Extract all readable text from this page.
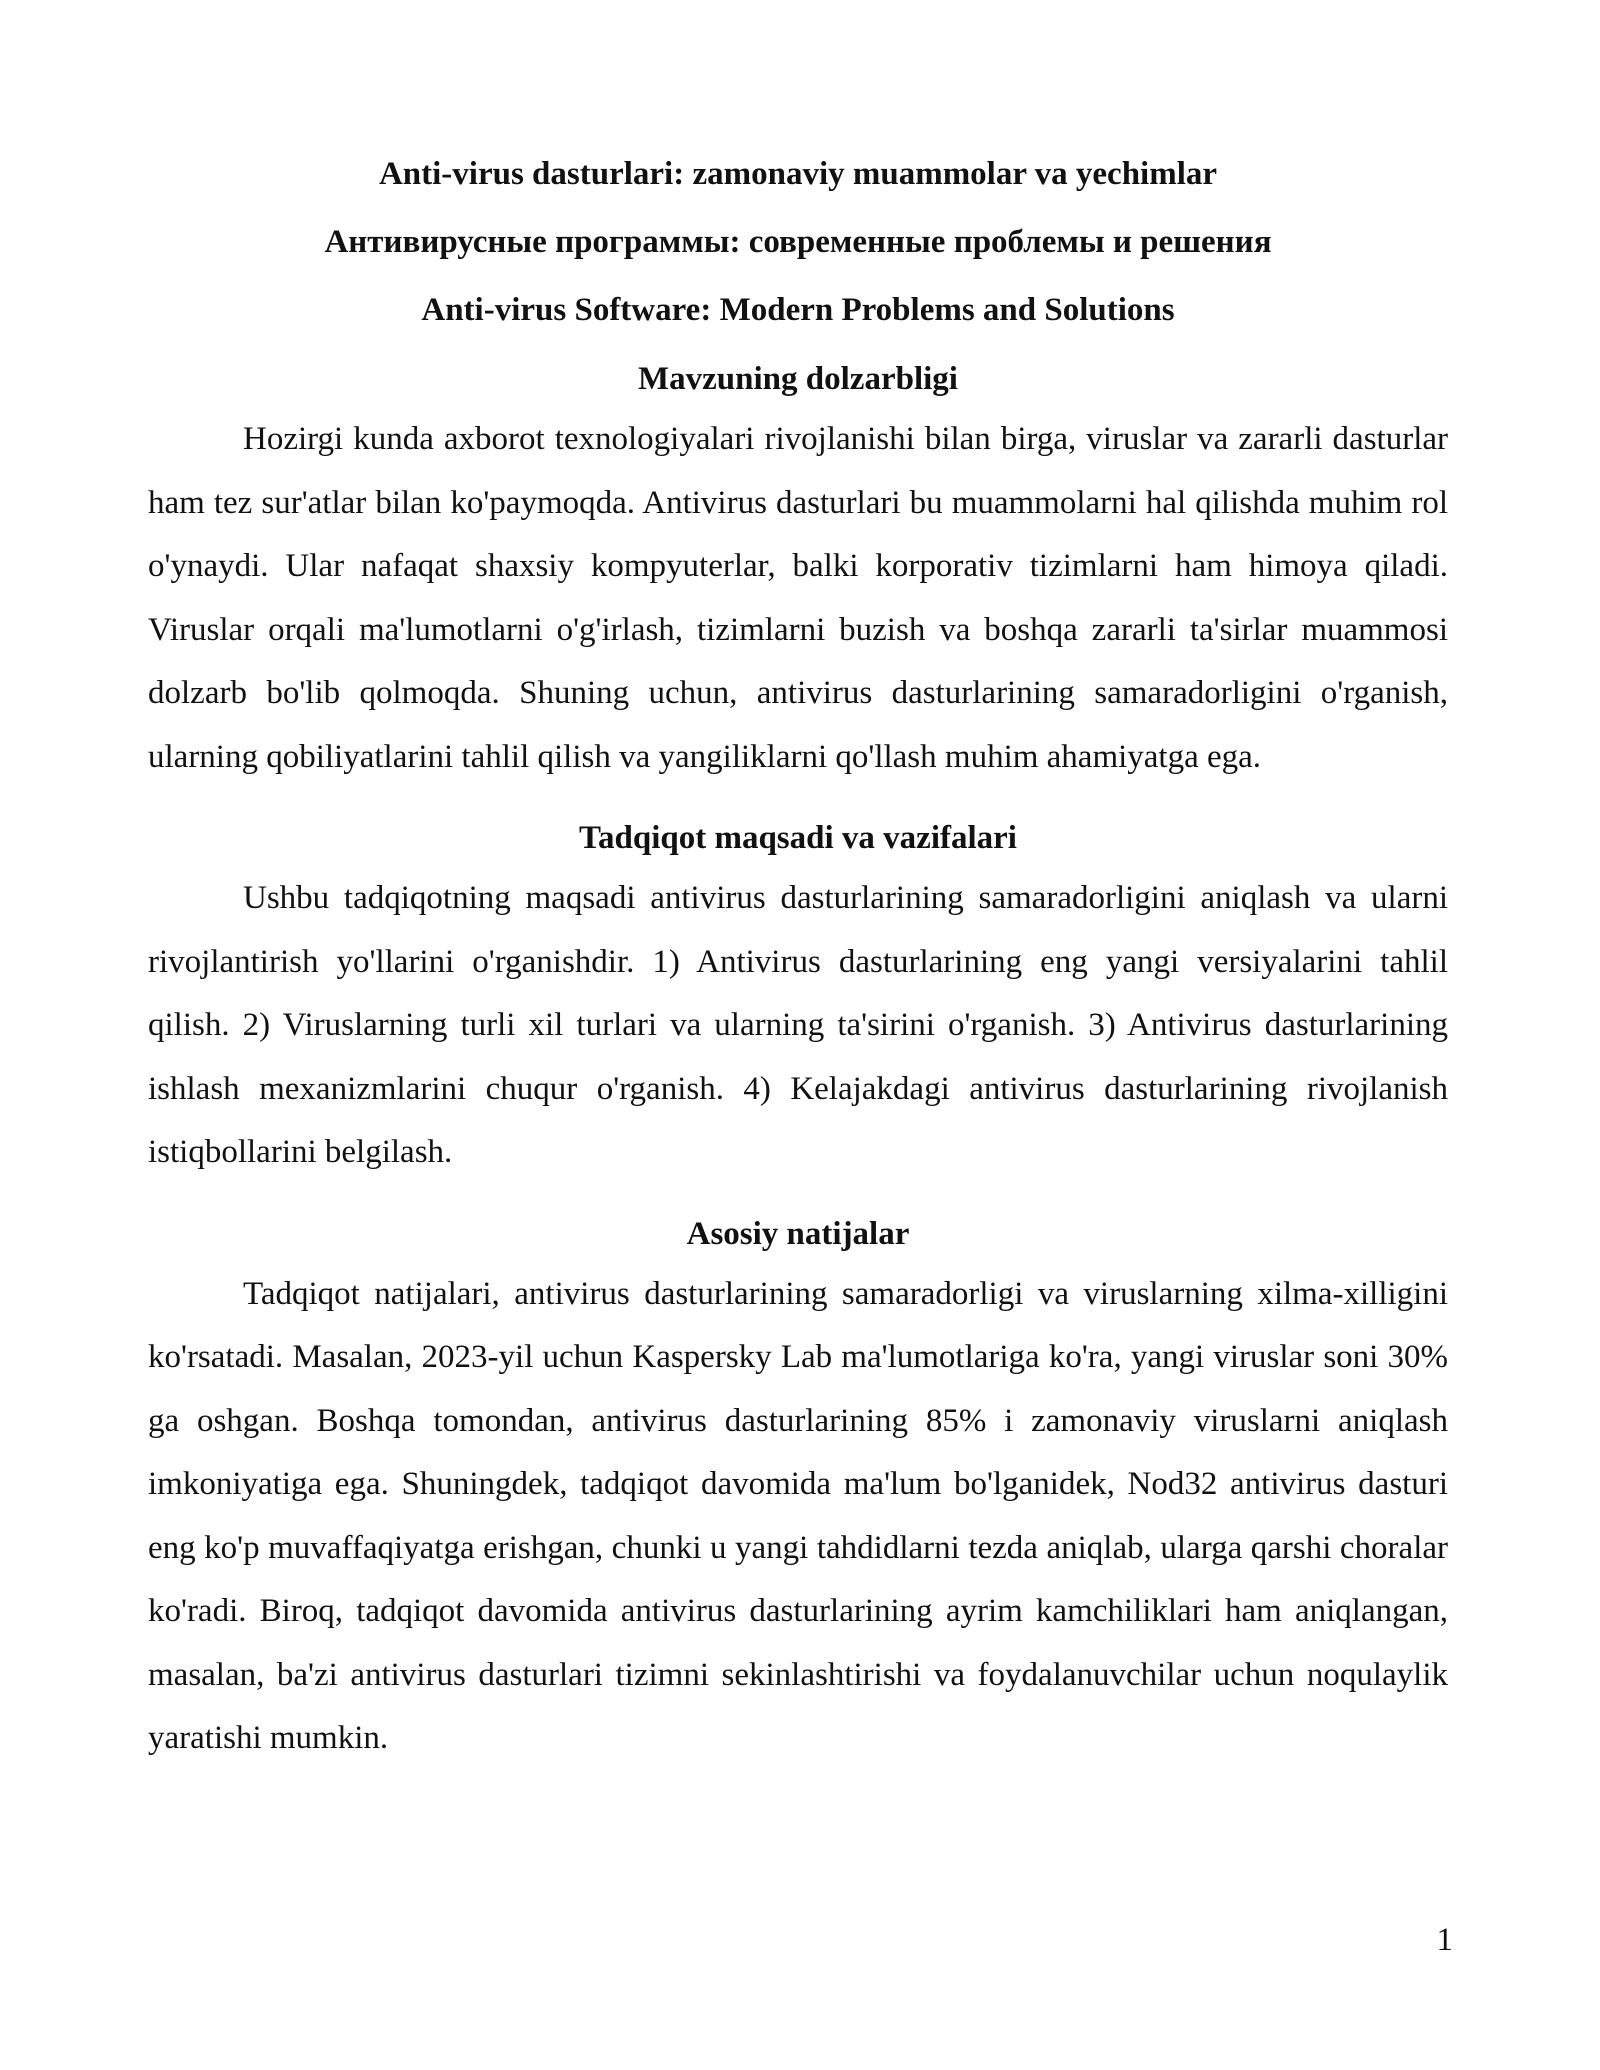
Anti-virus dasturlari: zamonaviy muammolar va yechimlar
Антивирусные программы: современные проблемы и решения
Anti-virus Software: Modern Problems and Solutions
Mavzuning dolzarbligi

Hozirgi kunda axborot texnologiyalari rivojlanishi bilan birga, viruslar va zararli dasturlar ham tez sur'atlar bilan ko'paymoqda. Antivirus dasturlari bu muammolarni hal qilishda muhim rol o'ynaydi. Ular nafaqat shaxsiy kompyuterlar, balki korporativ tizimlarni ham himoya qiladi. Viruslar orqali ma'lumotlarni o'g'irlash, tizimlarni buzish va boshqa zararli ta'sirlar muammosi dolzarb bo'lib qolmoqda. Shuning uchun, antivirus dasturlarining samaradorligini o'rganish, ularning qobiliyatlarini tahlil qilish va yangiliklarni qo'llash muhim ahamiyatga ega.

Tadqiqot maqsadi va vazifalari

Ushbu tadqiqotning maqsadi antivirus dasturlarining samaradorligini aniqlash va ularni rivojlantirish yo'llarini o'rganishdir. 1) Antivirus dasturlarining eng yangi versiyalarini tahlil qilish. 2) Viruslarning turli xil turlari va ularning ta'sirini o'rganish. 3) Antivirus dasturlarining ishlash mexanizmlarini chuqur o'rganish. 4) Kelajakdagi antivirus dasturlarining rivojlanish istiqbollarini belgilash.

Asosiy natijalar

Tadqiqot natijalari, antivirus dasturlarining samaradorligi va viruslarning xilma-xilligini ko'rsatadi. Masalan, 2023-yil uchun Kaspersky Lab ma'lumotlariga ko'ra, yangi viruslar soni 30% ga oshgan. Boshqa tomondan, antivirus dasturlarining 85% i zamonaviy viruslarni aniqlash imkoniyatiga ega. Shuningdek, tadqiqot davomida ma'lum bo'lganidek, Nod32 antivirus dasturi eng ko'p muvaffaqiyatga erishgan, chunki u yangi tahdidlarni tezda aniqlab, ularga qarshi choralar ko'radi. Biroq, tadqiqot davomida antivirus dasturlarining ayrim kamchiliklari ham aniqlangan, masalan, ba'zi antivirus dasturlari tizimni sekinlashtirishi va foydalanuvchilar uchun noqulaylik yaratishi mumkin.

1
